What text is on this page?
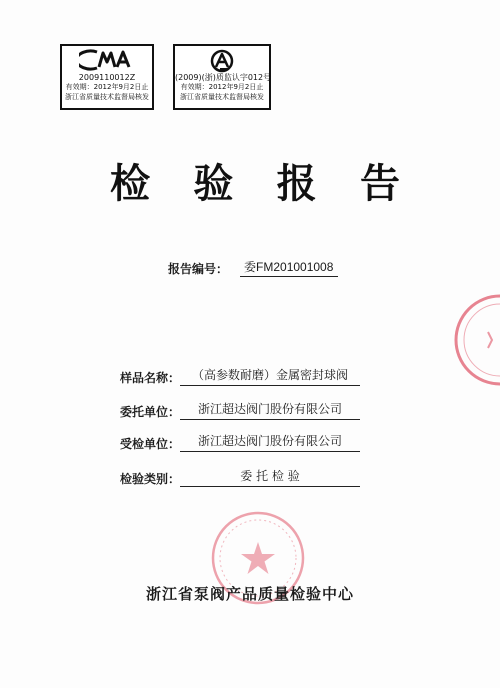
2009110012Z
有效期：2012年9月2日止
浙江省质量技术监督局核发
(2009)(浙)质监认字012号
有效期：2012年9月2日止
浙江省质量技术监督局核发
检 验 报 告
报告编号：	委FM201001008
样品名称： （高参数耐磨）金属密封球阀
委托单位：	浙江超达阀门股份有限公司
受检单位：	浙江超达阀门股份有限公司
检验类别：	委 托 检 验
浙江省泵阀产品质量检验中心
